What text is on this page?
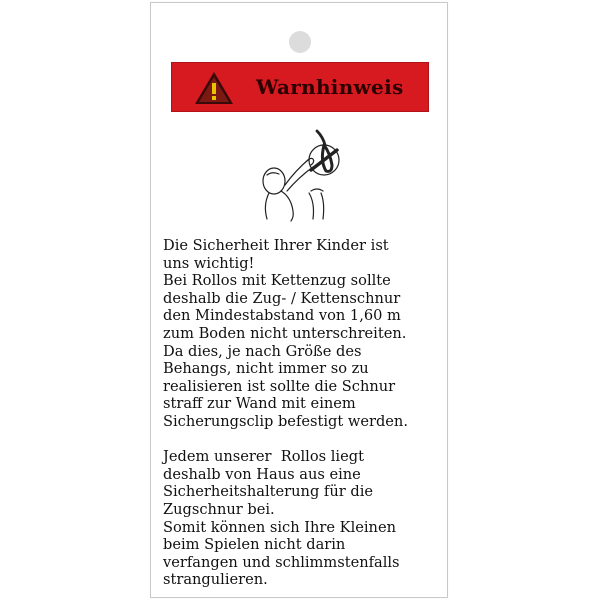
Warnhinweis
Die Sicherheit Ihrer Kinder ist
uns wichtig!
Bei Rollos mit Kettenzug sollte
deshalb die Zug- / Kettenschnur
den Mindestabstand von 1,60 m
zum Boden nicht unterschreiten.
Da dies, je nach Größe des
Behangs, nicht immer so zu
realisieren ist sollte die Schnur
straff zur Wand mit einem
Sicherungsclip befestigt werden.
Jedem unserer  Rollos liegt
deshalb von Haus aus eine
Sicherheitshalterung für die
Zugschnur bei.
Somit können sich Ihre Kleinen
beim Spielen nicht darin
verfangen und schlimmstenfalls
strangulieren.
